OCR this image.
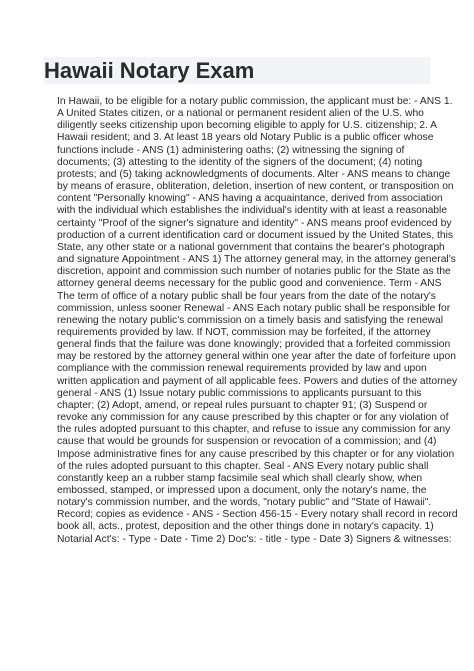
Hawaii Notary Exam
In Hawaii, to be eligible for a notary public commission, the applicant must be: - ANS 1.
A United States citizen, or a national or permanent resident alien of the U.S. who
diligently seeks citizenship upon becoming eligible to apply for U.S. citizenship; 2. A
Hawaii resident; and 3. At least 18 years old Notary Public is a public officer whose
functions include - ANS (1) administering oaths; (2) witnessing the signing of
documents; (3) attesting to the identity of the signers of the document; (4) noting
protests; and (5) taking acknowledgments of documents. Alter - ANS means to change
by means of erasure, obliteration, deletion, insertion of new content, or transposition on
content "Personally knowing" - ANS having a acquaintance, derived from association
with the individual which establishes the individual's identity with at least a reasonable
certainty "Proof of the signer's signature and identity" - ANS means proof evidenced by
production of a current identification card or document issued by the United States, this
State, any other state or a national government that contains the bearer's photograph
and signature Appointment - ANS 1) The attorney general may, in the attorney general's
discretion, appoint and commission such number of notaries public for the State as the
attorney general deems necessary for the public good and convenience. Term - ANS
The term of office of a notary public shall be four years from the date of the notary's
commission, unless sooner Renewal - ANS Each notary public shall be responsible for
renewing the notary public's commission on a timely basis and satisfying the renewal
requirements provided by law. If NOT, commission may be forfeited, if the attorney
general finds that the failure was done knowingly; provided that a forfeited commission
may be restored by the attorney general within one year after the date of forfeiture upon
compliance with the commission renewal requirements provided by law and upon
written application and payment of all applicable fees. Powers and duties of the attorney
general - ANS (1) Issue notary public commissions to applicants pursuant to this
chapter; (2) Adopt, amend, or repeal rules pursuant to chapter 91; (3) Suspend or
revoke any commission for any cause prescribed by this chapter or for any violation of
the rules adopted pursuant to this chapter, and refuse to issue any commission for any
cause that would be grounds for suspension or revocation of a commission; and (4)
Impose administrative fines for any cause prescribed by this chapter or for any violation
of the rules adopted pursuant to this chapter. Seal - ANS Every notary public shall
constantly keep an a rubber stamp facsimile seal which shall clearly show, when
embossed, stamped, or impressed upon a document, only the notary's name, the
notary's commission number, and the words, "notary public" and "State of Hawaii".
Record; copies as evidence - ANS - Section 456-15 - Every notary shall record in record
book all, acts., protest, deposition and the other things done in notary's capacity. 1)
Notarial Act's: - Type - Date - Time 2) Doc's: - title - type - Date 3) Signers & witnesses:
